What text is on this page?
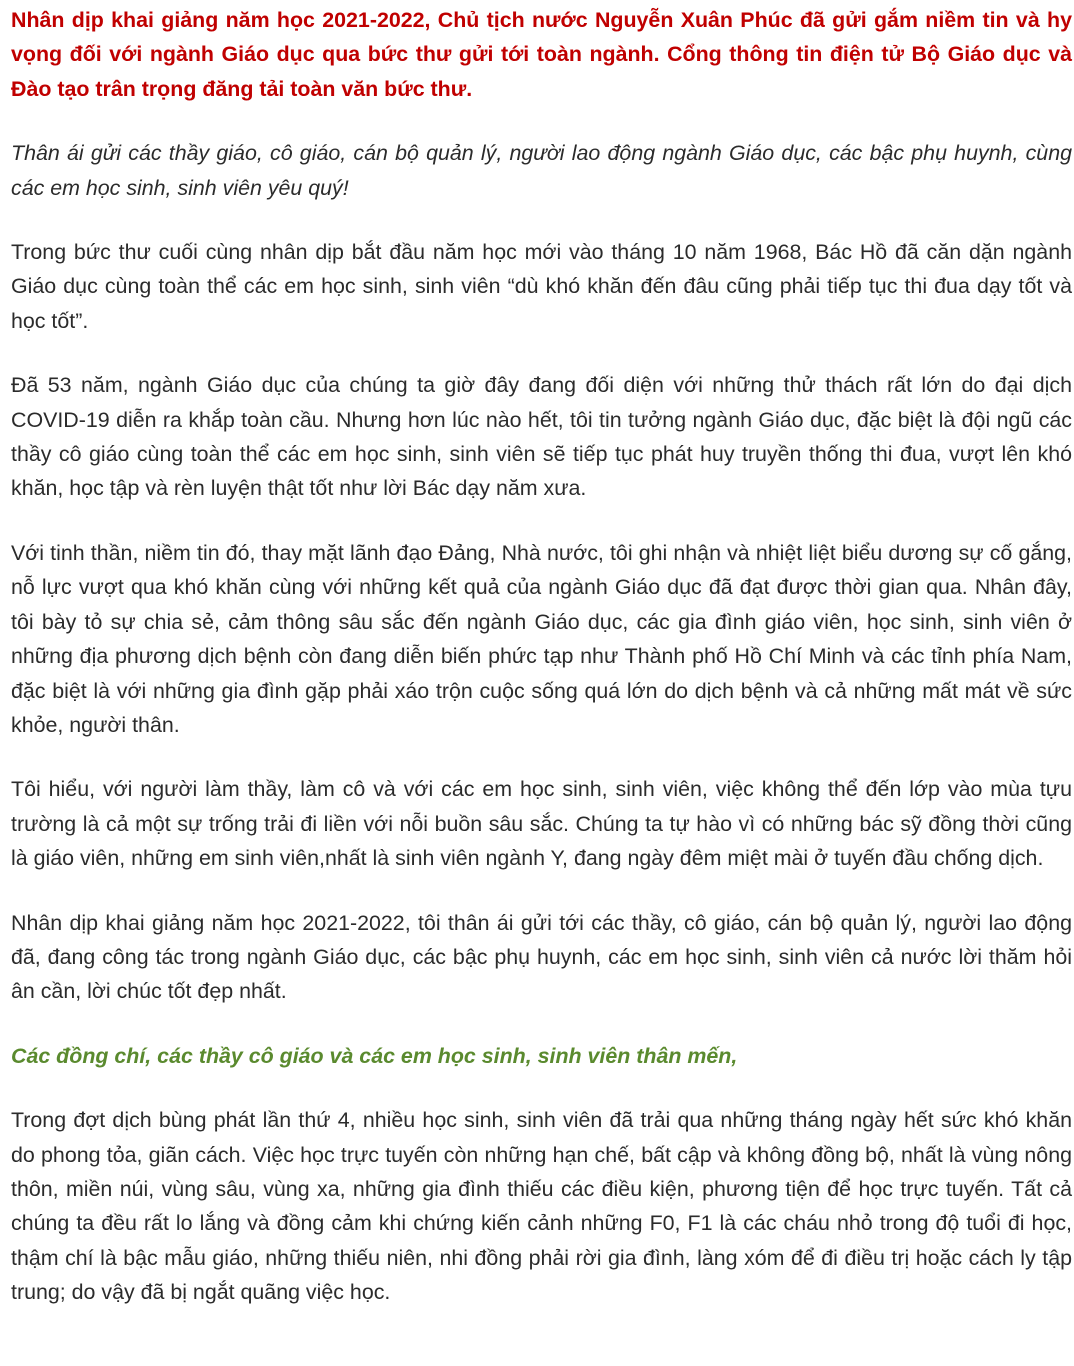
Nhân dịp khai giảng năm học 2021-2022, Chủ tịch nước Nguyễn Xuân Phúc đã gửi gắm niềm tin và hy vọng đối với ngành Giáo dục qua bức thư gửi tới toàn ngành. Cổng thông tin điện tử Bộ Giáo dục và Đào tạo trân trọng đăng tải toàn văn bức thư.

Thân ái gửi các thầy giáo, cô giáo, cán bộ quản lý, người lao động ngành Giáo dục, các bậc phụ huynh, cùng các em học sinh, sinh viên yêu quý!

Trong bức thư cuối cùng nhân dịp bắt đầu năm học mới vào tháng 10 năm 1968, Bác Hồ đã căn dặn ngành Giáo dục cùng toàn thể các em học sinh, sinh viên “dù khó khăn đến đâu cũng phải tiếp tục thi đua dạy tốt và học tốt”.

Đã 53 năm, ngành Giáo dục của chúng ta giờ đây đang đối diện với những thử thách rất lớn do đại dịch COVID-19 diễn ra khắp toàn cầu. Nhưng hơn lúc nào hết, tôi tin tưởng ngành Giáo dục, đặc biệt là đội ngũ các thầy cô giáo cùng toàn thể các em học sinh, sinh viên sẽ tiếp tục phát huy truyền thống thi đua, vượt lên khó khăn, học tập và rèn luyện thật tốt như lời Bác dạy năm xưa.

Với tinh thần, niềm tin đó, thay mặt lãnh đạo Đảng, Nhà nước, tôi ghi nhận và nhiệt liệt biểu dương sự cố gắng, nỗ lực vượt qua khó khăn cùng với những kết quả của ngành Giáo dục đã đạt được thời gian qua. Nhân đây, tôi bày tỏ sự chia sẻ, cảm thông sâu sắc đến ngành Giáo dục, các gia đình giáo viên, học sinh, sinh viên ở những địa phương dịch bệnh còn đang diễn biến phức tạp như Thành phố Hồ Chí Minh và các tỉnh phía Nam, đặc biệt là với những gia đình gặp phải xáo trộn cuộc sống quá lớn do dịch bệnh và cả những mất mát về sức khỏe, người thân.

Tôi hiểu, với người làm thầy, làm cô và với các em học sinh, sinh viên, việc không thể đến lớp vào mùa tựu trường là cả một sự trống trải đi liền với nỗi buồn sâu sắc. Chúng ta tự hào vì có những bác sỹ đồng thời cũng là giáo viên, những em sinh viên,nhất là sinh viên ngành Y, đang ngày đêm miệt mài ở tuyến đầu chống dịch.

Nhân dịp khai giảng năm học 2021-2022, tôi thân ái gửi tới các thầy, cô giáo, cán bộ quản lý, người lao động đã, đang công tác trong ngành Giáo dục, các bậc phụ huynh, các em học sinh, sinh viên cả nước lời thăm hỏi ân cần, lời chúc tốt đẹp nhất.

Các đồng chí, các thầy cô giáo và các em học sinh, sinh viên thân mến,

Trong đợt dịch bùng phát lần thứ 4, nhiều học sinh, sinh viên đã trải qua những tháng ngày hết sức khó khăn do phong tỏa, giãn cách. Việc học trực tuyến còn những hạn chế, bất cập và không đồng bộ, nhất là vùng nông thôn, miền núi, vùng sâu, vùng xa, những gia đình thiếu các điều kiện, phương tiện để học trực tuyến. Tất cả chúng ta đều rất lo lắng và đồng cảm khi chứng kiến cảnh những F0, F1 là các cháu nhỏ trong độ tuổi đi học, thậm chí là bậc mẫu giáo, những thiếu niên, nhi đồng phải rời gia đình, làng xóm để đi điều trị hoặc cách ly tập trung; do vậy đã bị ngắt quãng việc học.
